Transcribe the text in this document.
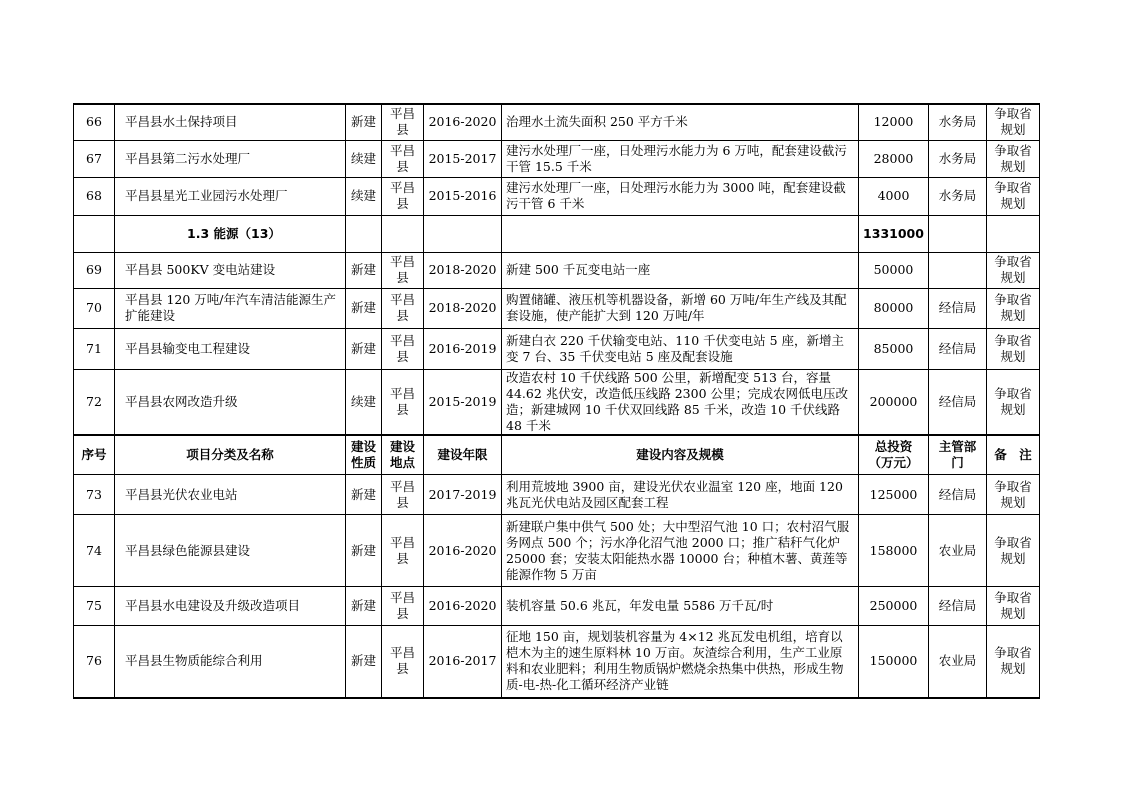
66	平昌县水土保持项目	新建	平昌县	2016-2020	治理水土流失面积 250 平方千米	12000	水务局	争取省规划
67	平昌县第二污水处理厂	续建	平昌县	2015-2017	建污水处理厂一座，日处理污水能力为 6 万吨，配套建设截污干管 15.5 千米	28000	水务局	争取省规划
68	平昌县星光工业园污水处理厂	续建	平昌县	2015-2016	建污水处理厂一座，日处理污水能力为 3000 吨，配套建设截污干管 6 千米	4000	水务局	争取省规划
	1.3 能源（13）					1331000		
69	平昌县 500KV 变电站建设	新建	平昌县	2018-2020	新建 500 千瓦变电站一座	50000		争取省规划
70	平昌县 120 万吨/年汽车清洁能源生产扩能建设	新建	平昌县	2018-2020	购置储罐、液压机等机器设备，新增 60 万吨/年生产线及其配套设施，使产能扩大到 120 万吨/年	80000	经信局	争取省规划
71	平昌县输变电工程建设	新建	平昌县	2016-2019	新建白衣 220 千伏输变电站、110 千伏变电站 5 座，新增主变 7 台、35 千伏变电站 5 座及配套设施	85000	经信局	争取省规划
72	平昌县农网改造升级	续建	平昌县	2015-2019	改造农村 10 千伏线路 500 公里，新增配变 513 台，容量 44.62 兆伏安，改造低压线路 2300 公里；完成农网低电压改造；新建城网 10 千伏双回线路 85 千米，改造 10 千伏线路 48 千米	200000	经信局	争取省规划
序号	项目分类及名称	建设性质	建设地点	建设年限	建设内容及规模	总投资（万元）	主管部门	备　注
73	平昌县光伏农业电站	新建	平昌县	2017-2019	利用荒坡地 3900 亩，建设光伏农业温室 120 座，地面 120 兆瓦光伏电站及园区配套工程	125000	经信局	争取省规划
74	平昌县绿色能源县建设	新建	平昌县	2016-2020	新建联户集中供气 500 处；大中型沼气池 10 口；农村沼气服务网点 500 个；污水净化沼气池 2000 口；推广秸秆气化炉 25000 套；安装太阳能热水器 10000 台；种植木薯、黄莲等能源作物 5 万亩	158000	农业局	争取省规划
75	平昌县水电建设及升级改造项目	新建	平昌县	2016-2020	装机容量 50.6 兆瓦，年发电量 5586 万千瓦/时	250000	经信局	争取省规划
76	平昌县生物质能综合利用	新建	平昌县	2016-2017	征地 150 亩，规划装机容量为 4×12 兆瓦发电机组，培育以桤木为主的速生原料林 10 万亩。灰渣综合利用，生产工业原料和农业肥料；利用生物质锅炉燃烧余热集中供热，形成生物质-电-热-化工循环经济产业链	150000	农业局	争取省规划
